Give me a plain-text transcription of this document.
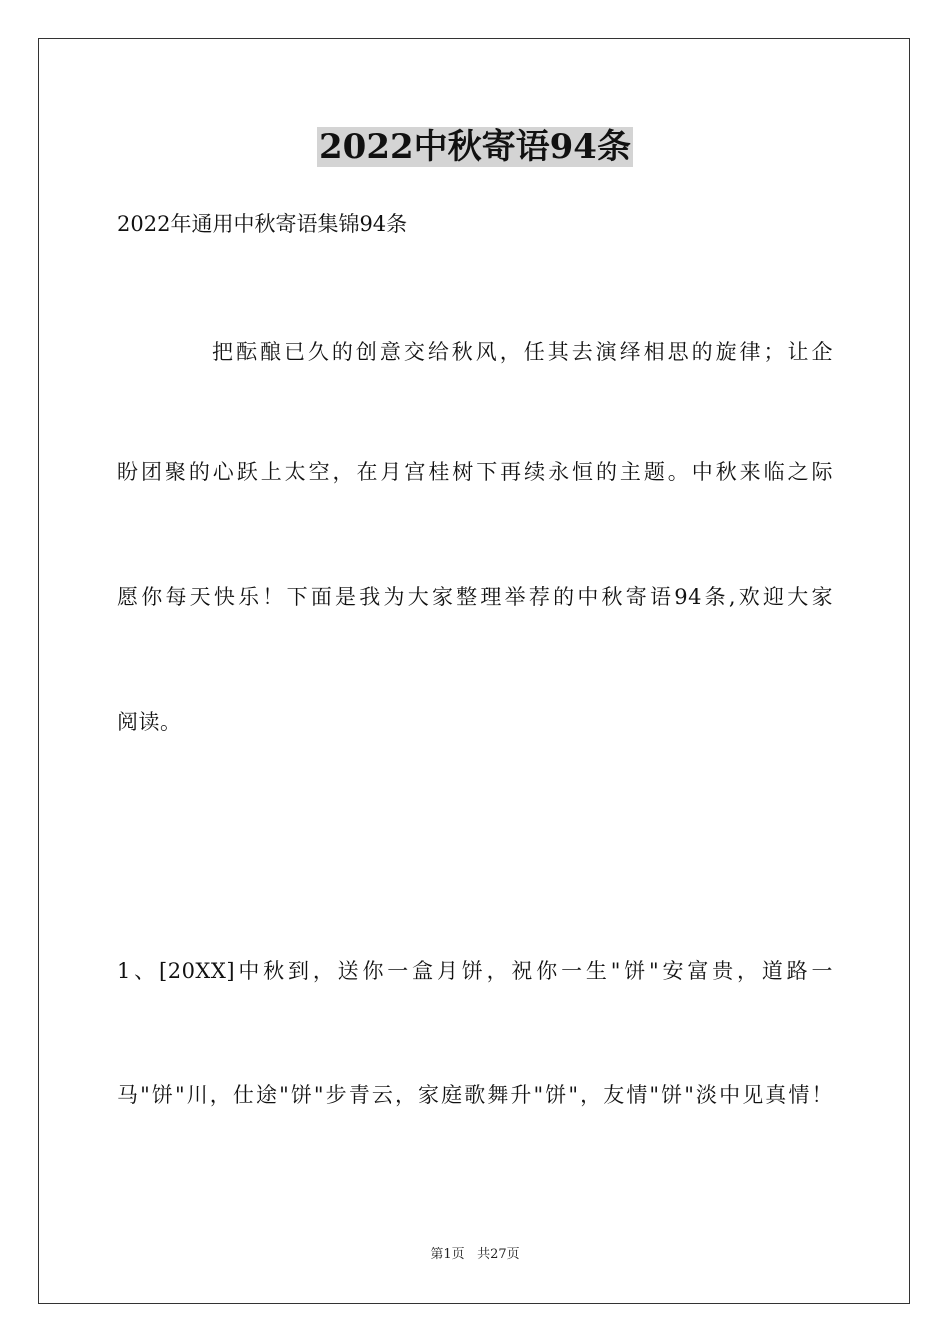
2022中秋寄语94条

2022年通用中秋寄语集锦94条

把酝酿已久的创意交给秋风，任其去演绎相思的旋律；让企

盼团聚的心跃上太空，在月宫桂树下再续永恒的主题。中秋来临之际

愿你每天快乐！下面是我为大家整理举荐的中秋寄语94条,欢迎大家

阅读。

1、[20XX]中秋到，送你一盒月饼，祝你一生"饼"安富贵，道路一

马"饼"川，仕途"饼"步青云，家庭歌舞升"饼"，友情"饼"淡中见真情！

第1页 共27页
